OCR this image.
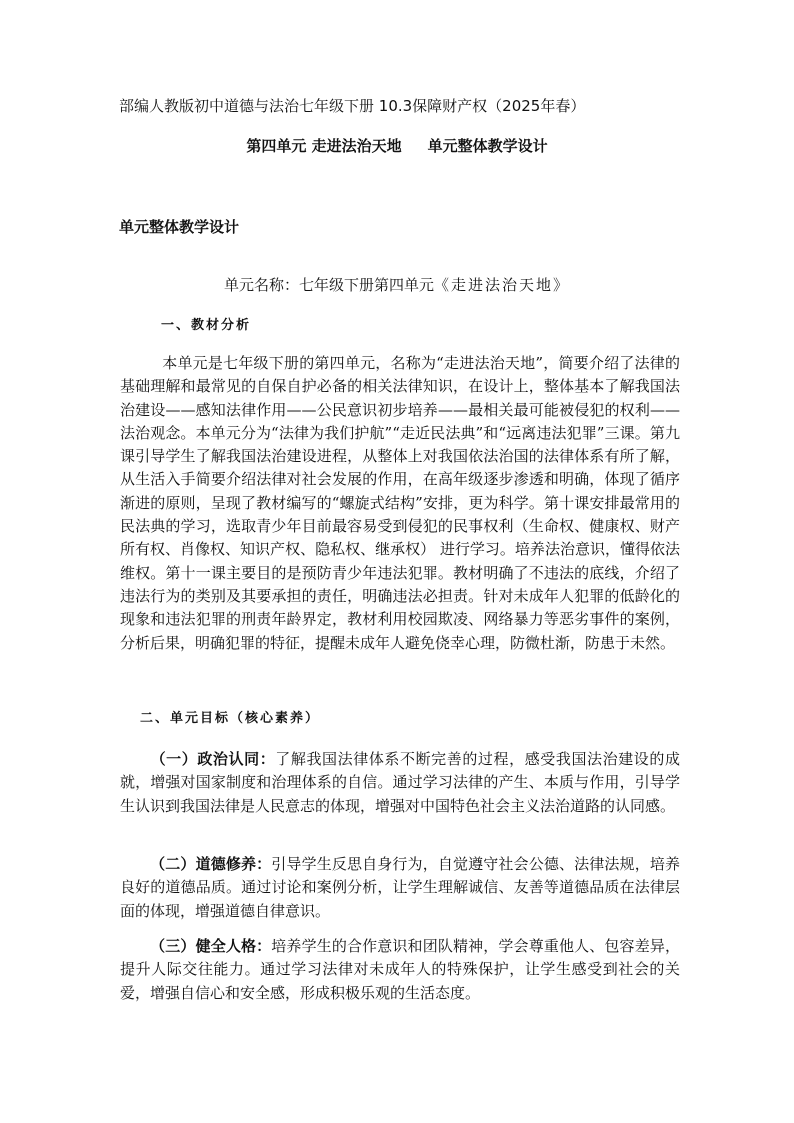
部编人教版初中道德与法治七年级下册 10.3保障财产权（2025年春）
第四单元 走进法治天地 单元整体教学设计
单元整体教学设计
单元名称：七年级下册第四单元《走进法治天地》
一、教材分析

本单元是七年级下册的第四单元，名称为“走进法治天地”，简要介绍了法律的基础理解和最常见的自保自护必备的相关法律知识，在设计上，整体基本了解我国法治建设——感知法律作用——公民意识初步培养——最相关最可能被侵犯的权利——法治观念。本单元分为“法律为我们护航”“走近民法典”和“远离违法犯罪”三课。第九课引导学生了解我国法治建设进程，从整体上对我国依法治国的法律体系有所了解，从生活入手简要介绍法律对社会发展的作用，在高年级逐步渗透和明确，体现了循序渐进的原则，呈现了教材编写的“螺旋式结构”安排，更为科学。第十课安排最常用的民法典的学习，选取青少年目前最容易受到侵犯的民事权利（生命权、健康权、财产所有权、肖像权、知识产权、隐私权、继承权） 进行学习。培养法治意识，懂得依法维权。第十一课主要目的是预防青少年违法犯罪。教材明确了不违法的底线，介绍了违法行为的类别及其要承担的责任，明确违法必担责。针对未成年人犯罪的低龄化的现象和违法犯罪的刑责年龄界定，教材利用校园欺凌、网络暴力等恶劣事件的案例，分析后果，明确犯罪的特征，提醒未成年人避免侥幸心理，防微杜渐，防患于未然。

二、单元目标（核心素养）

（一）政治认同：了解我国法律体系不断完善的过程，感受我国法治建设的成就，增强对国家制度和治理体系的自信。通过学习法律的产生、本质与作用，引导学生认识到我国法律是人民意志的体现，增强对中国特色社会主义法治道路的认同感。

（二）道德修养：引导学生反思自身行为，自觉遵守社会公德、法律法规，培养良好的道德品质。通过讨论和案例分析，让学生理解诚信、友善等道德品质在法律层面的体现，增强道德自律意识。

（三）健全人格：培养学生的合作意识和团队精神，学会尊重他人、包容差异，提升人际交往能力。通过学习法律对未成年人的特殊保护，让学生感受到社会的关爱，增强自信心和安全感，形成积极乐观的生活态度。
